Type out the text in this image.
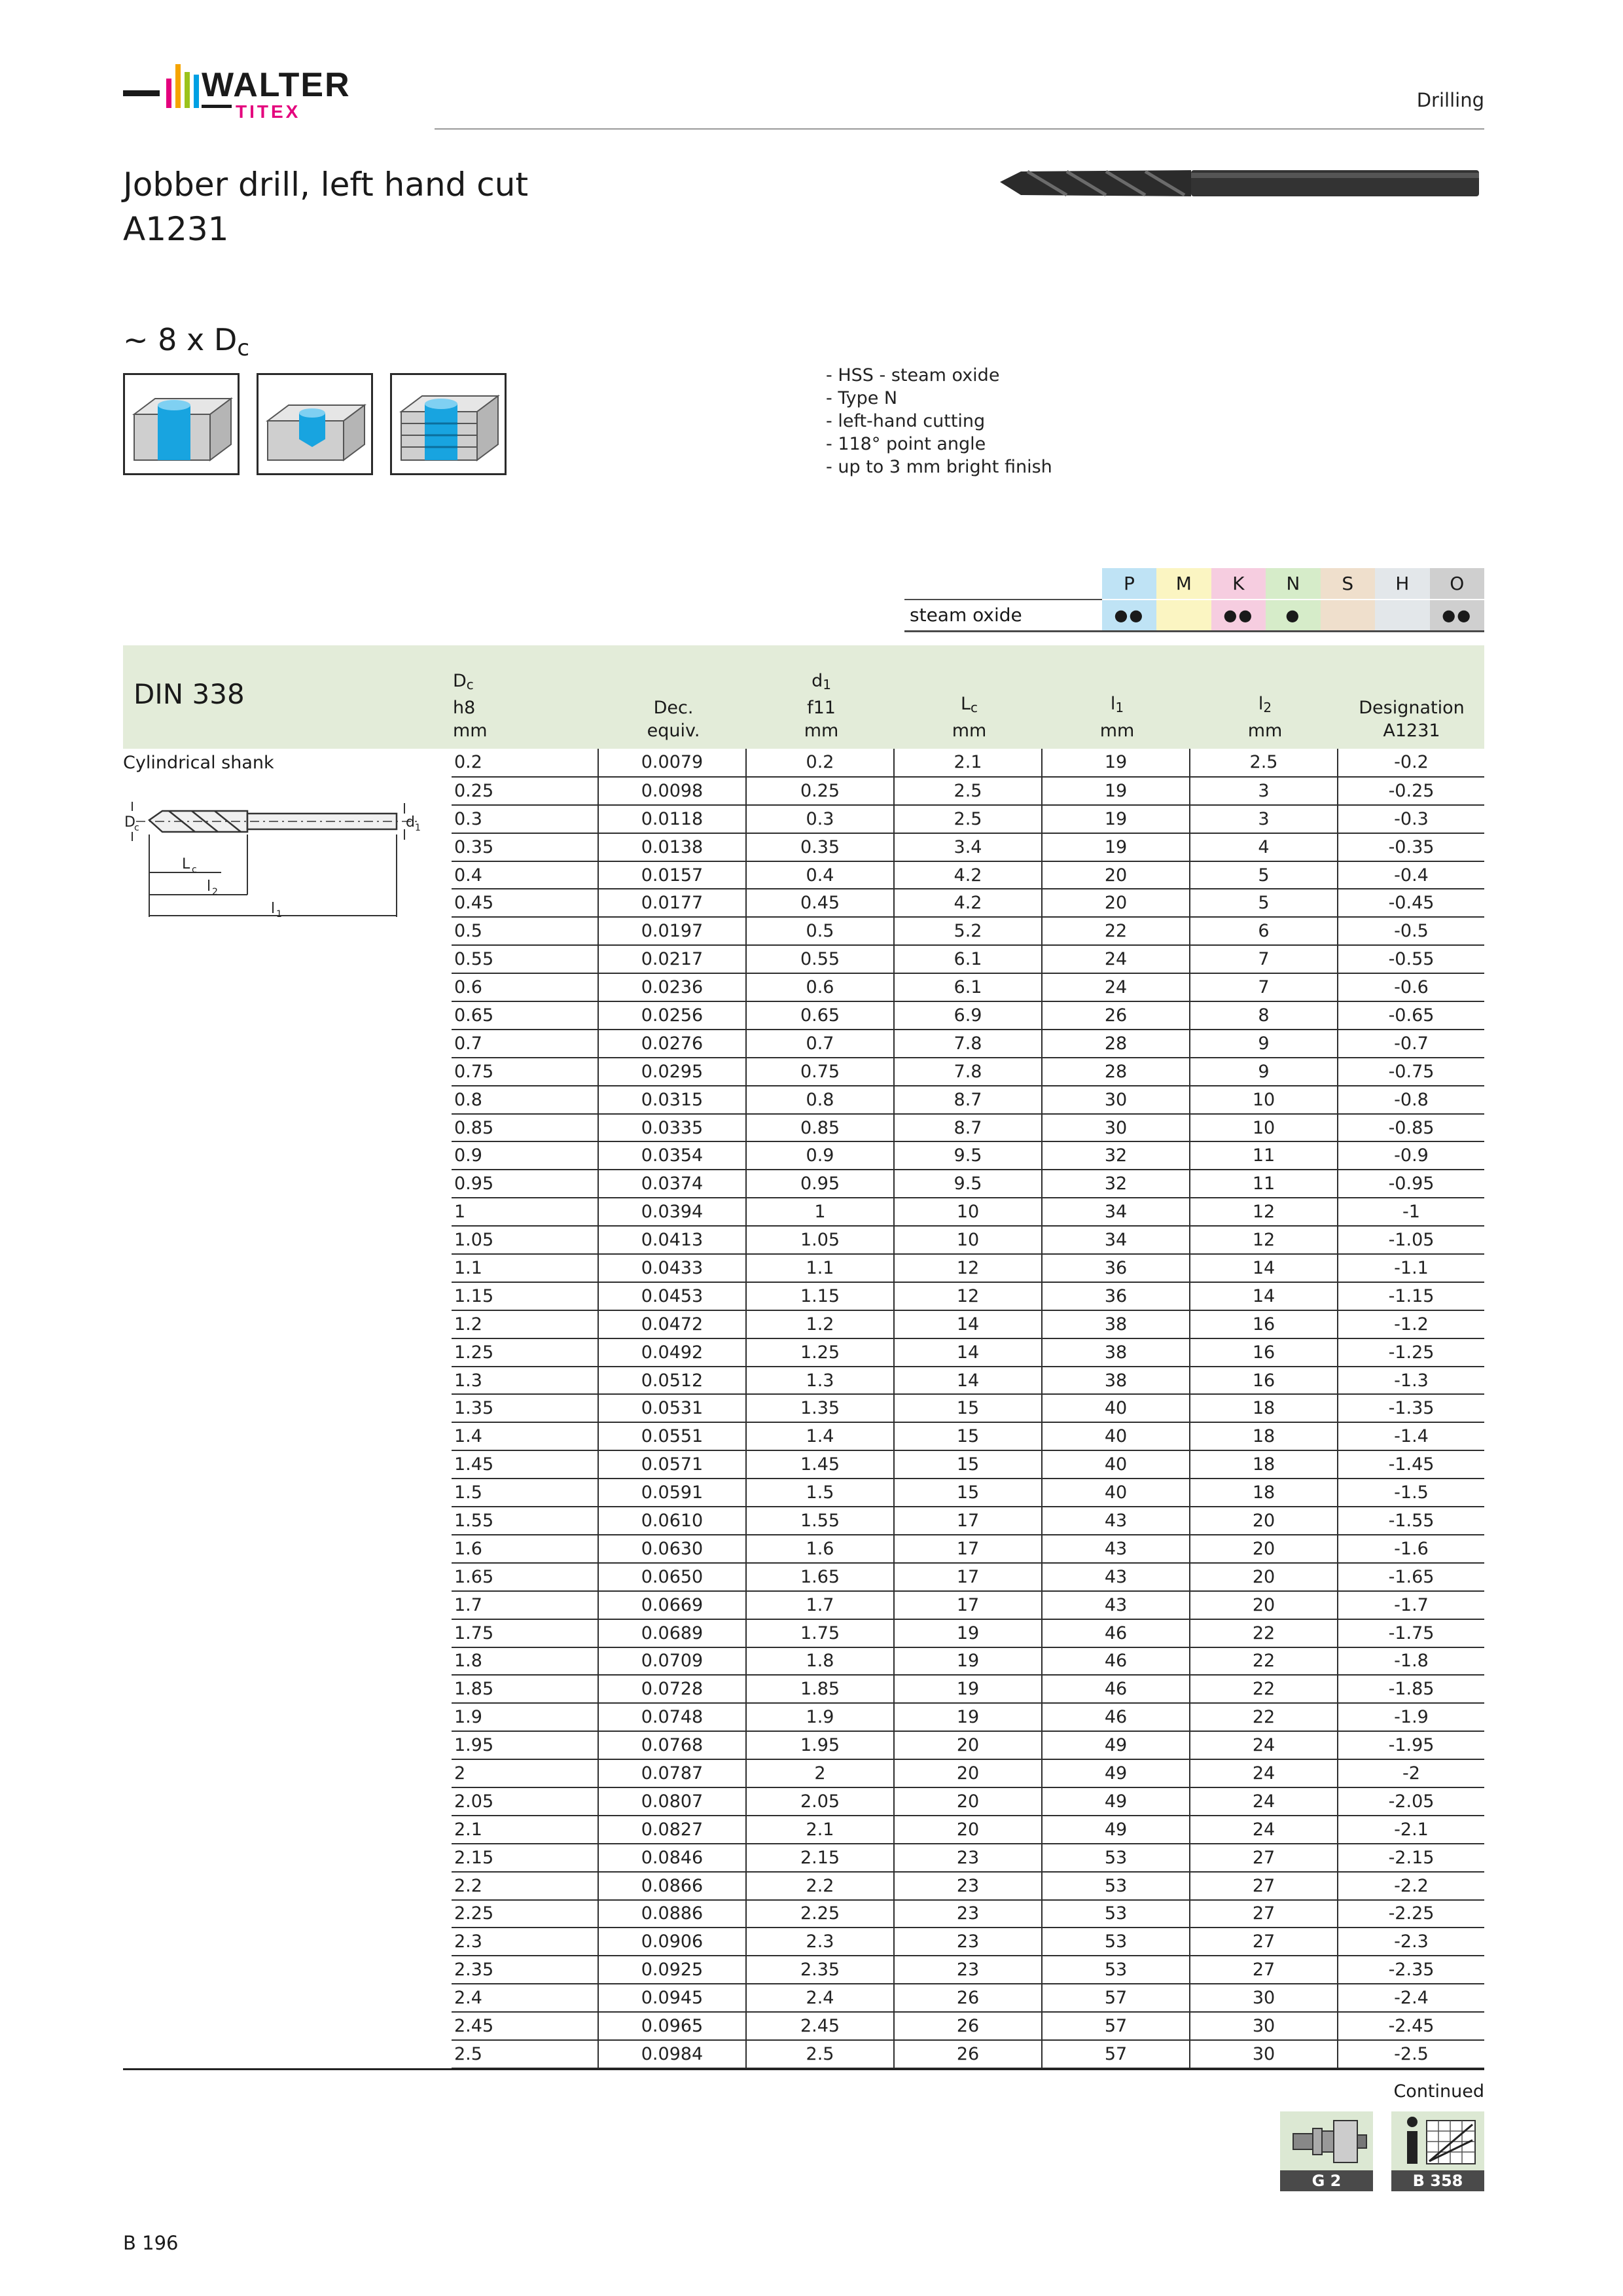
WALTER
TITEX
Drilling
Jobber drill, left hand cut
A1231
~ 8 x $D_c$
- HSS - steam oxide
- Type N
- left-hand cutting
- 118° point angle
- up to 3 mm bright finish
	P	M	K	N	S	H	O
steam oxide	●●		●●	●			●●
DIN 338	$D_c$
h8
mm
Dec.
equiv.
$d_1$
f11
mm
$L_c$
mm
$l_1$
mm
$l_2$
mm
Designation
A1231
Cylindrical shank
D
c	d 1
L c
l 2
l 1
0.2	0.0079	0.2	2.1	19	2.5	-0.2
0.25	0.0098	0.25	2.5	19	3	-0.25
0.3	0.0118	0.3	2.5	19	3	-0.3
0.35	0.0138	0.35	3.4	19	4	-0.35
0.4	0.0157	0.4	4.2	20	5	-0.4
0.45	0.0177	0.45	4.2	20	5	-0.45
0.5	0.0197	0.5	5.2	22	6	-0.5
0.55	0.0217	0.55	6.1	24	7	-0.55
0.6	0.0236	0.6	6.1	24	7	-0.6
0.65	0.0256	0.65	6.9	26	8	-0.65
0.7	0.0276	0.7	7.8	28	9	-0.7
0.75	0.0295	0.75	7.8	28	9	-0.75
0.8	0.0315	0.8	8.7	30	10	-0.8
0.85	0.0335	0.85	8.7	30	10	-0.85
0.9	0.0354	0.9	9.5	32	11	-0.9
0.95	0.0374	0.95	9.5	32	11	-0.95
1	0.0394	1	10	34	12	-1
1.05	0.0413	1.05	10	34	12	-1.05
1.1	0.0433	1.1	12	36	14	-1.1
1.15	0.0453	1.15	12	36	14	-1.15
1.2	0.0472	1.2	14	38	16	-1.2
1.25	0.0492	1.25	14	38	16	-1.25
1.3	0.0512	1.3	14	38	16	-1.3
1.35	0.0531	1.35	15	40	18	-1.35
1.4	0.0551	1.4	15	40	18	-1.4
1.45	0.0571	1.45	15	40	18	-1.45
1.5	0.0591	1.5	15	40	18	-1.5
1.55	0.0610	1.55	17	43	20	-1.55
1.6	0.0630	1.6	17	43	20	-1.6
1.65	0.0650	1.65	17	43	20	-1.65
1.7	0.0669	1.7	17	43	20	-1.7
1.75	0.0689	1.75	19	46	22	-1.75
1.8	0.0709	1.8	19	46	22	-1.8
1.85	0.0728	1.85	19	46	22	-1.85
1.9	0.0748	1.9	19	46	22	-1.9
1.95	0.0768	1.95	20	49	24	-1.95
2	0.0787	2	20	49	24	-2
2.05	0.0807	2.05	20	49	24	-2.05
2.1	0.0827	2.1	20	49	24	-2.1
2.15	0.0846	2.15	23	53	27	-2.15
2.2	0.0866	2.2	23	53	27	-2.2
2.25	0.0886	2.25	23	53	27	-2.25
2.3	0.0906	2.3	23	53	27	-2.3
2.35	0.0925	2.35	23	53	27	-2.35
2.4	0.0945	2.4	26	57	30	-2.4
2.45	0.0965	2.45	26	57	30	-2.45
2.5	0.0984	2.5	26	57	30	-2.5
Continued
G 2	B 358
B 196
